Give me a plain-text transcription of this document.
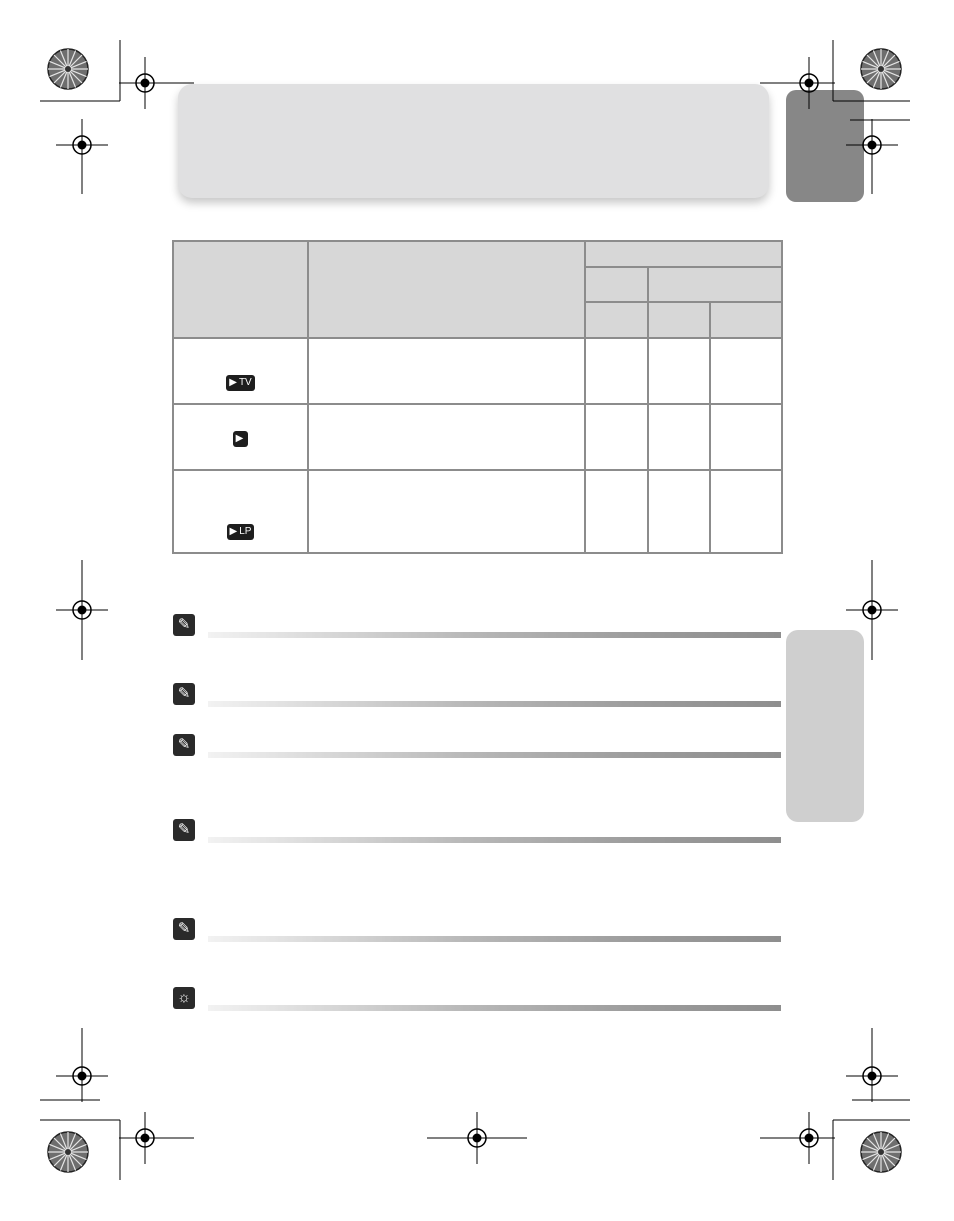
▶ TV				

▶

▶ LP				

✎
✎
✎
✎
✎
☼
